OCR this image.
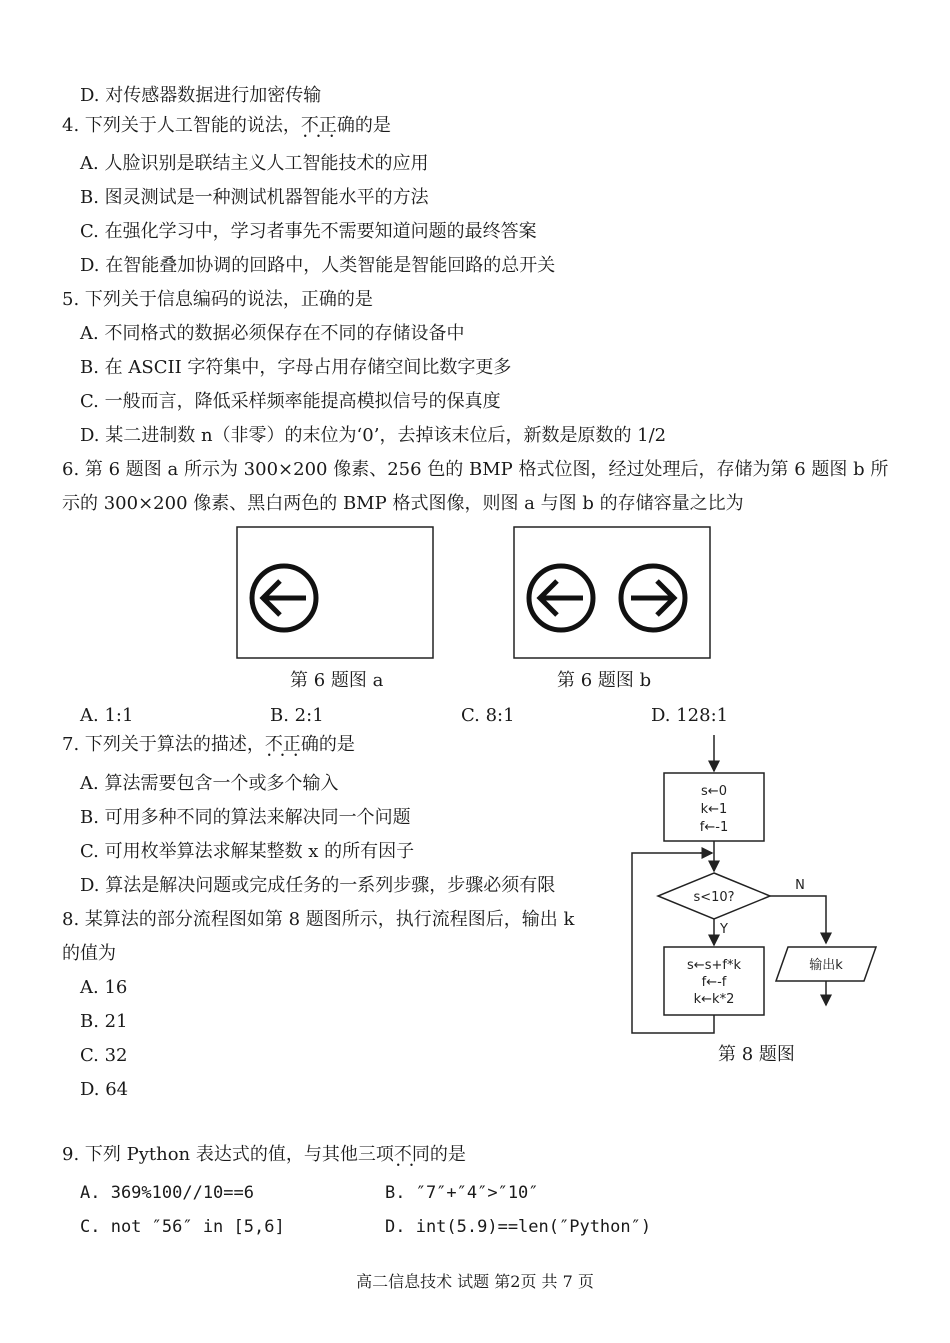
D. 对传感器数据进行加密传输
4. 下列关于人工智能的说法，不正确 • • •的是
A. 人脸识别是联结主义人工智能技术的应用
B. 图灵测试是一种测试机器智能水平的方法
C. 在强化学习中，学习者事先不需要知道问题的最终答案
D. 在智能叠加协调的回路中，人类智能是智能回路的总开关
5. 下列关于信息编码的说法，正确的是
A. 不同格式的数据必须保存在不同的存储设备中
B. 在 ASCII 字符集中，字母占用存储空间比数字更多
C. 一般而言，降低采样频率能提高模拟信号的保真度
D. 某二进制数 n（非零）的末位为‘0’，去掉该末位后，新数是原数的 1/2
6. 第 6 题图 a 所示为 300×200 像素、256 色的 BMP 格式位图，经过处理后，存储为第 6 题图 b 所
示的 300×200 像素、黑白两色的 BMP 格式图像，则图 a 与图 b 的存储容量之比为
第 6 题图 a	第 6 题图 b
A. 1:1	B. 2:1	C. 8:1	D. 128:1
7. 下列关于算法的描述，不正确 • • •的是
A. 算法需要包含一个或多个输入
B. 可用多种不同的算法来解决同一个问题
C. 可用枚举算法求解某整数 x 的所有因子
D. 算法是解决问题或完成任务的一系列步骤，步骤必须有限
8. 某算法的部分流程图如第 8 题图所示，执行流程图后，输出 k
的值为
A. 16
B. 21
C. 32
D. 64
s←0
k←1
f←-1
s<10?
N
Y
s←s+f*k
f←-f
k←k*2
输出k
第 8 题图
9. 下列 Python 表达式的值，与其他三项不同 • •的是
A. 369%100//10==6	B. ″7″+″4″>″10″
C. not ″56″ in [5,6]	D. int(5.9)==len(″Python″)
高二信息技术 试题 第2页 共 7 页
